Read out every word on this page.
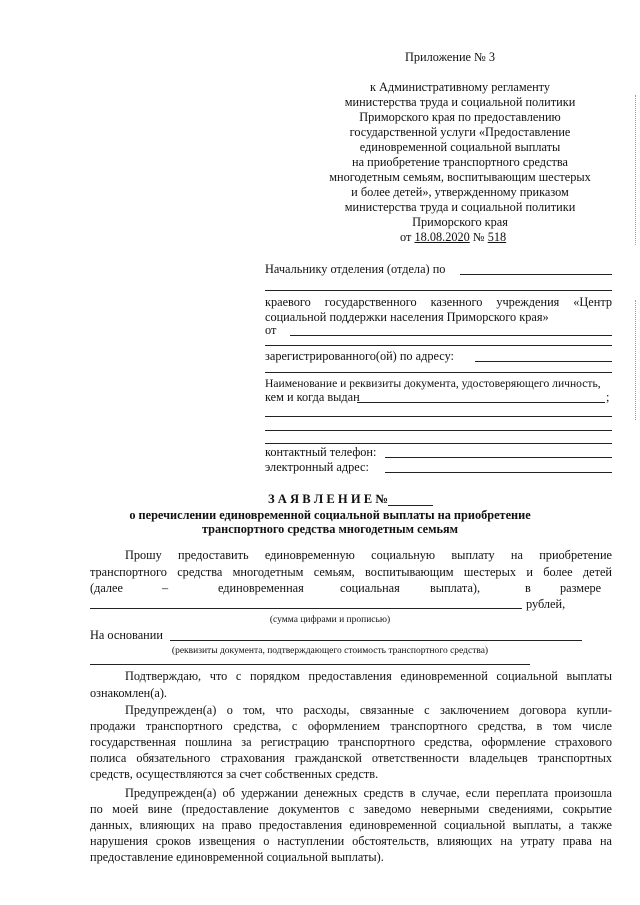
Приложение № 3
к Административному регламенту
министерства труда и социальной политики
Приморского края по предоставлению
государственной услуги «Предоставление
единовременной социальной выплаты
на приобретение транспортного средства
многодетным семьям, воспитывающим шестерых
и более детей», утвержденному приказом
министерства труда и социальной политики
Приморского края
от 18.08.2020 № 518
Начальнику отделения (отдела) по
краевого государственного казенного учреждения «Центр
социальной поддержки населения Приморского края»
от
зарегистрированного(ой) по адресу:
Наименование и реквизиты документа, удостоверяющего личность,
кем и когда выдан	;
контактный телефон:
электронный адрес:
З А Я В Л Е Н И Е №
о перечислении единовременной социальной выплаты на приобретение
транспортного средства многодетным семьям
Прошу предоставить единовременную социальную выплату на приобретение
транспортного средства многодетным семьям, воспитывающим шестерых и более детей
(далее	–	единовременная	социальная выплата),	в размере
рублей,
(сумма цифрами и прописью)
На основании
(реквизиты документа, подтверждающего стоимость транспортного средства)
Подтверждаю, что с порядком предоставления единовременной социальной выплаты
ознакомлен(а).
Предупрежден(а) о том, что расходы, связанные с заключением договора купли-
продажи транспортного средства, с оформлением транспортного средства, в том числе
государственная пошлина за регистрацию транспортного средства, оформление страхового
полиса обязательного страхования гражданской ответственности владельцев транспортных
средств, осуществляются за счет собственных средств.
Предупрежден(а) об удержании денежных средств в случае, если переплата произошла
по моей вине (предоставление документов с заведомо неверными сведениями, сокрытие
данных, влияющих на право предоставления единовременной социальной выплаты, а также
нарушения сроков извещения о наступлении обстоятельств, влияющих на утрату права на
предоставление единовременной социальной выплаты).
